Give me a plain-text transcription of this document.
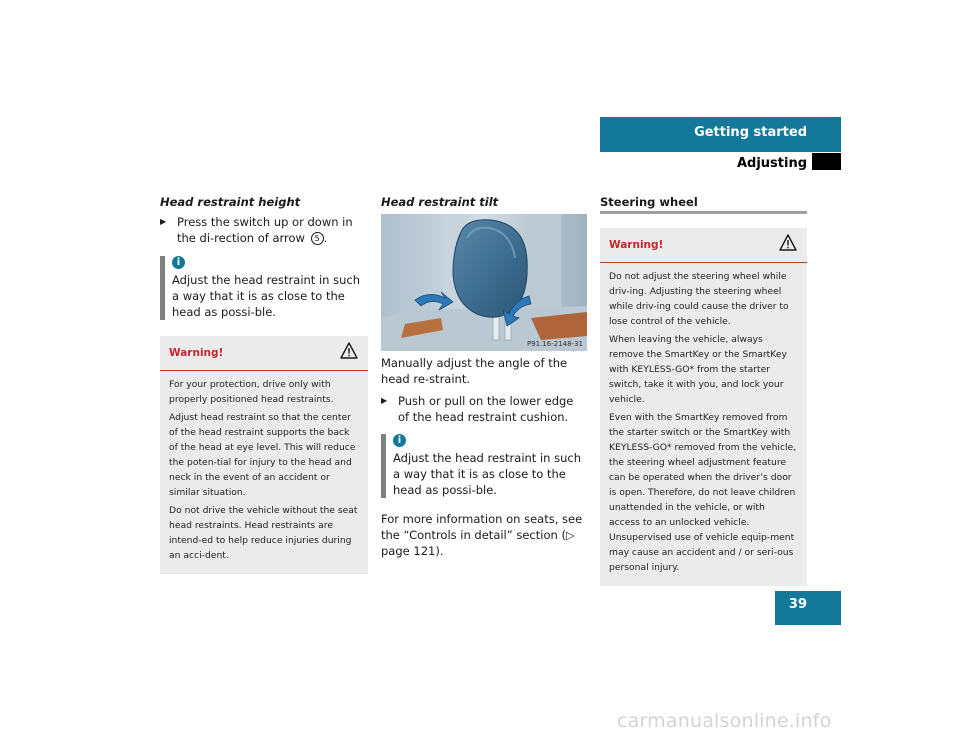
Getting started
Adjusting
Head restraint height
▶ Press the switch up or down in the di-rection of arrow 5 .
i

Adjust the head restraint in such a way that it is as close to the head as possi-ble.

Warning!

For your protection, drive only with properly positioned head restraints.

Adjust head restraint so that the center of the head restraint supports the back of the head at eye level. This will reduce the poten-tial for injury to the head and neck in the event of an accident or similar situation.

Do not drive the vehicle without the seat head restraints. Head restraints are intend-ed to help reduce injuries during an acci-dent.

Head restraint tilt
P91.16-2148-31

Manually adjust the angle of the head re-straint.

▶ Push or pull on the lower edge of the head restraint cushion.
i

Adjust the head restraint in such a way that it is as close to the head as possi-ble.

For more information on seats, see the “Controls in detail” section (▷ page 121).

Steering wheel
Warning!

Do not adjust the steering wheel while driv-ing. Adjusting the steering wheel while driv-ing could cause the driver to lose control of the vehicle.

When leaving the vehicle, always remove the SmartKey or the SmartKey with KEYLESS-GO* from the starter switch, take it with you, and lock your vehicle.

Even with the SmartKey removed from the starter switch or the SmartKey with KEYLESS-GO* removed from the vehicle, the steering wheel adjustment feature can be operated when the driver’s door is open. Therefore, do not leave children unattended in the vehicle, or with access to an unlocked vehicle. Unsupervised use of vehicle equip-ment may cause an accident and / or seri-ous personal injury.

39
carmanualsonline.info
